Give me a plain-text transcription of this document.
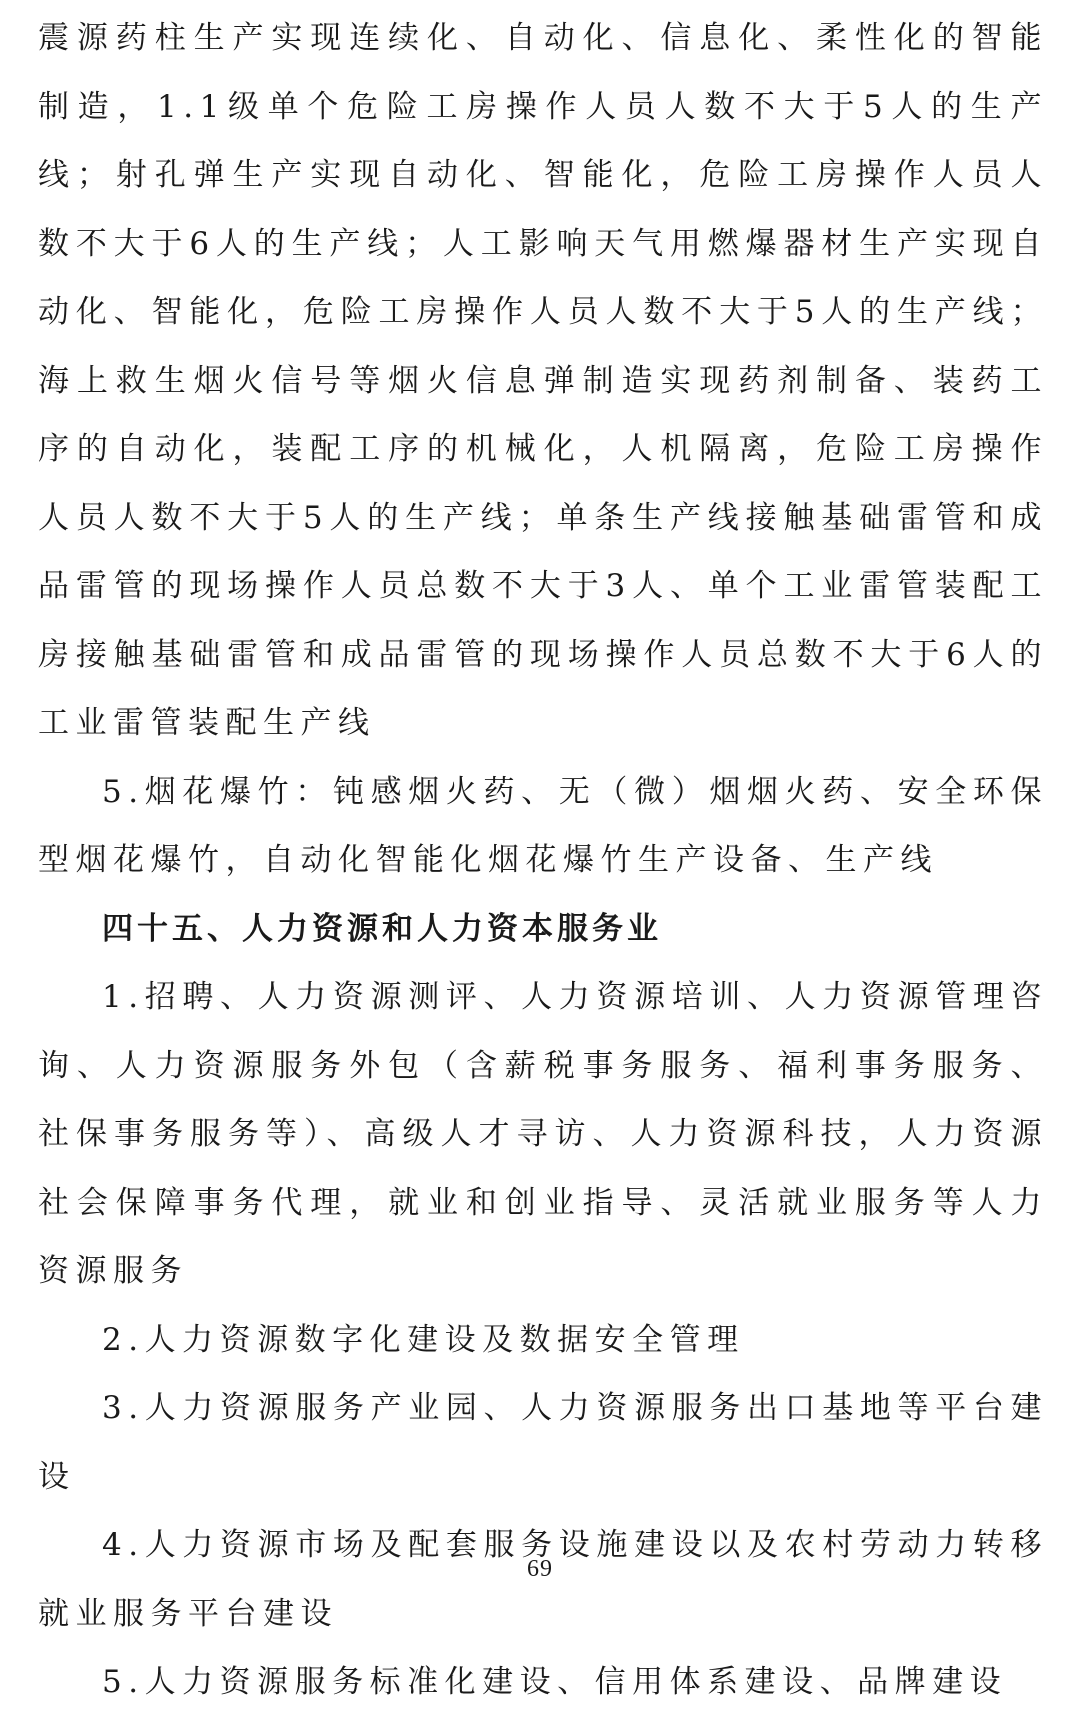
震源药柱生产实现连续化、自动化、信息化、柔性化的智能制造，1.1级单个危险工房操作人员人数不大于5人的生产线；射孔弹生产实现自动化、智能化，危险工房操作人员人数不大于6人的生产线；人工影响天气用燃爆器材生产实现自动化、智能化，危险工房操作人员人数不大于5人的生产线；海上救生烟火信号等烟火信息弹制造实现药剂制备、装药工序的自动化，装配工序的机械化，人机隔离，危险工房操作人员人数不大于5人的生产线；单条生产线接触基础雷管和成品雷管的现场操作人员总数不大于3人、单个工业雷管装配工房接触基础雷管和成品雷管的现场操作人员总数不大于6人的工业雷管装配生产线

5.烟花爆竹：钝感烟火药、无（微）烟烟火药、安全环保型烟花爆竹，自动化智能化烟花爆竹生产设备、生产线

四十五、人力资源和人力资本服务业

1.招聘、人力资源测评、人力资源培训、人力资源管理咨询、人力资源服务外包（含薪税事务服务、福利事务服务、社保事务服务等）、高级人才寻访、人力资源科技，人力资源社会保障事务代理，就业和创业指导、灵活就业服务等人力资源服务

2.人力资源数字化建设及数据安全管理

3.人力资源服务产业园、人力资源服务出口基地等平台建设

4.人力资源市场及配套服务设施建设以及农村劳动力转移就业服务平台建设

5.人力资源服务标准化建设、信用体系建设、品牌建设

69
